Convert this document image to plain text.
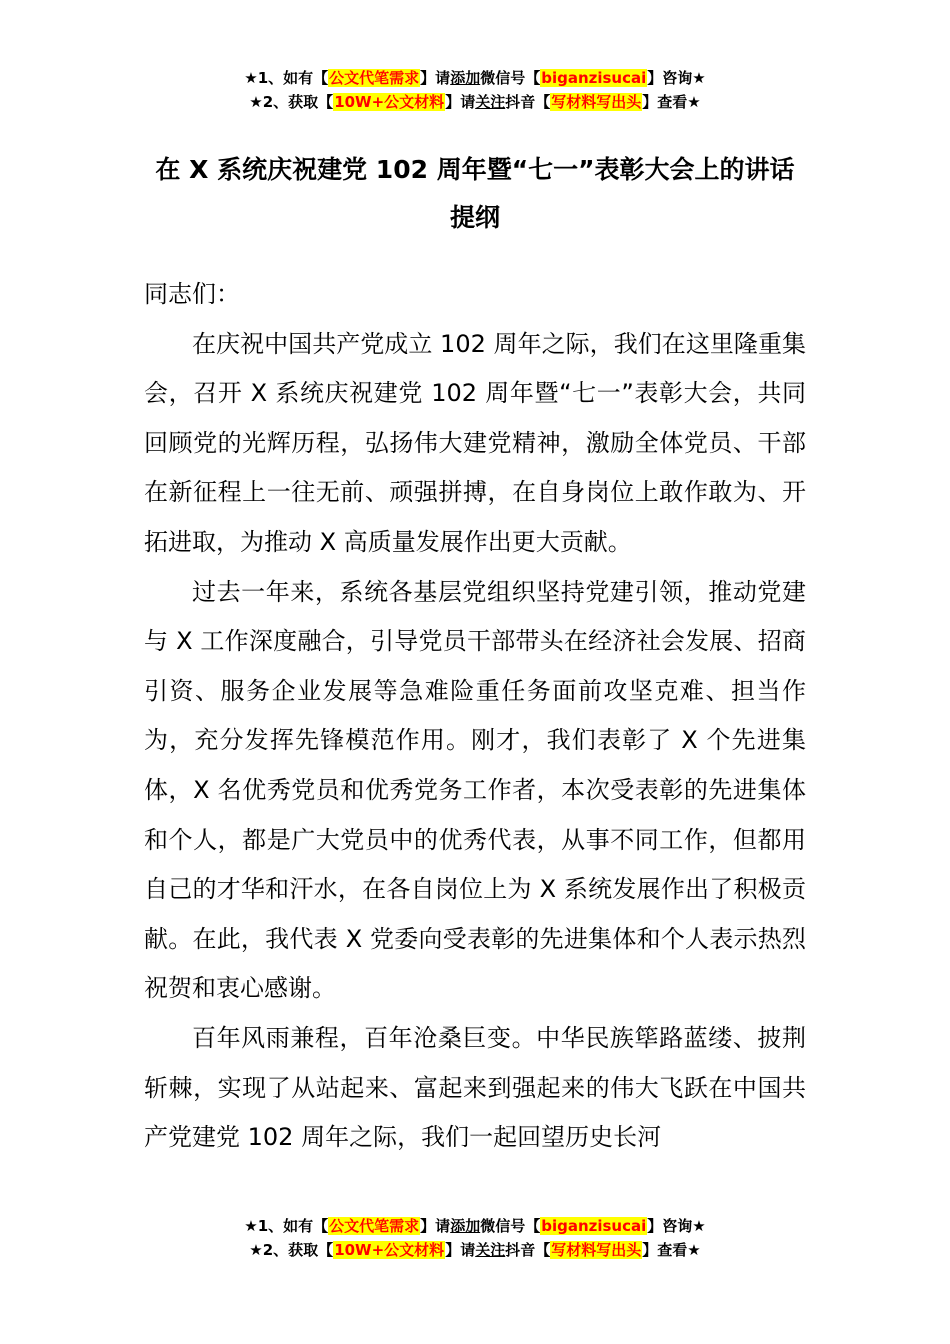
★1、如有【公文代笔需求】请添加微信号【biganzisucai】咨询★
★2、获取【10W+公文材料】请关注抖音【写材料写出头】查看★
在 X 系统庆祝建党 102 周年暨“七一”表彰大会上的讲话
提纲

同志们：

在庆祝中国共产党成立 102 周年之际，我们在这里隆重集会，召开 X 系统庆祝建党 102 周年暨“七一”表彰大会，共同回顾党的光辉历程，弘扬伟大建党精神，激励全体党员、干部在新征程上一往无前、顽强拼搏，在自身岗位上敢作敢为、开拓进取，为推动 X 高质量发展作出更大贡献。

过去一年来，系统各基层党组织坚持党建引领，推动党建与 X 工作深度融合，引导党员干部带头在经济社会发展、招商引资、服务企业发展等急难险重任务面前攻坚克难、担当作为，充分发挥先锋模范作用。刚才，我们表彰了 X 个先进集体，X 名优秀党员和优秀党务工作者，本次受表彰的先进集体和个人，都是广大党员中的优秀代表，从事不同工作，但都用自己的才华和汗水，在各自岗位上为 X 系统发展作出了积极贡献。在此，我代表 X 党委向受表彰的先进集体和个人表示热烈祝贺和衷心感谢。

百年风雨兼程，百年沧桑巨变。中华民族筚路蓝缕、披荆斩棘，实现了从站起来、富起来到强起来的伟大飞跃在中国共产党建党 102 周年之际，我们一起回望历史长河

★1、如有【公文代笔需求】请添加微信号【biganzisucai】咨询★
★2、获取【10W+公文材料】请关注抖音【写材料写出头】查看★
